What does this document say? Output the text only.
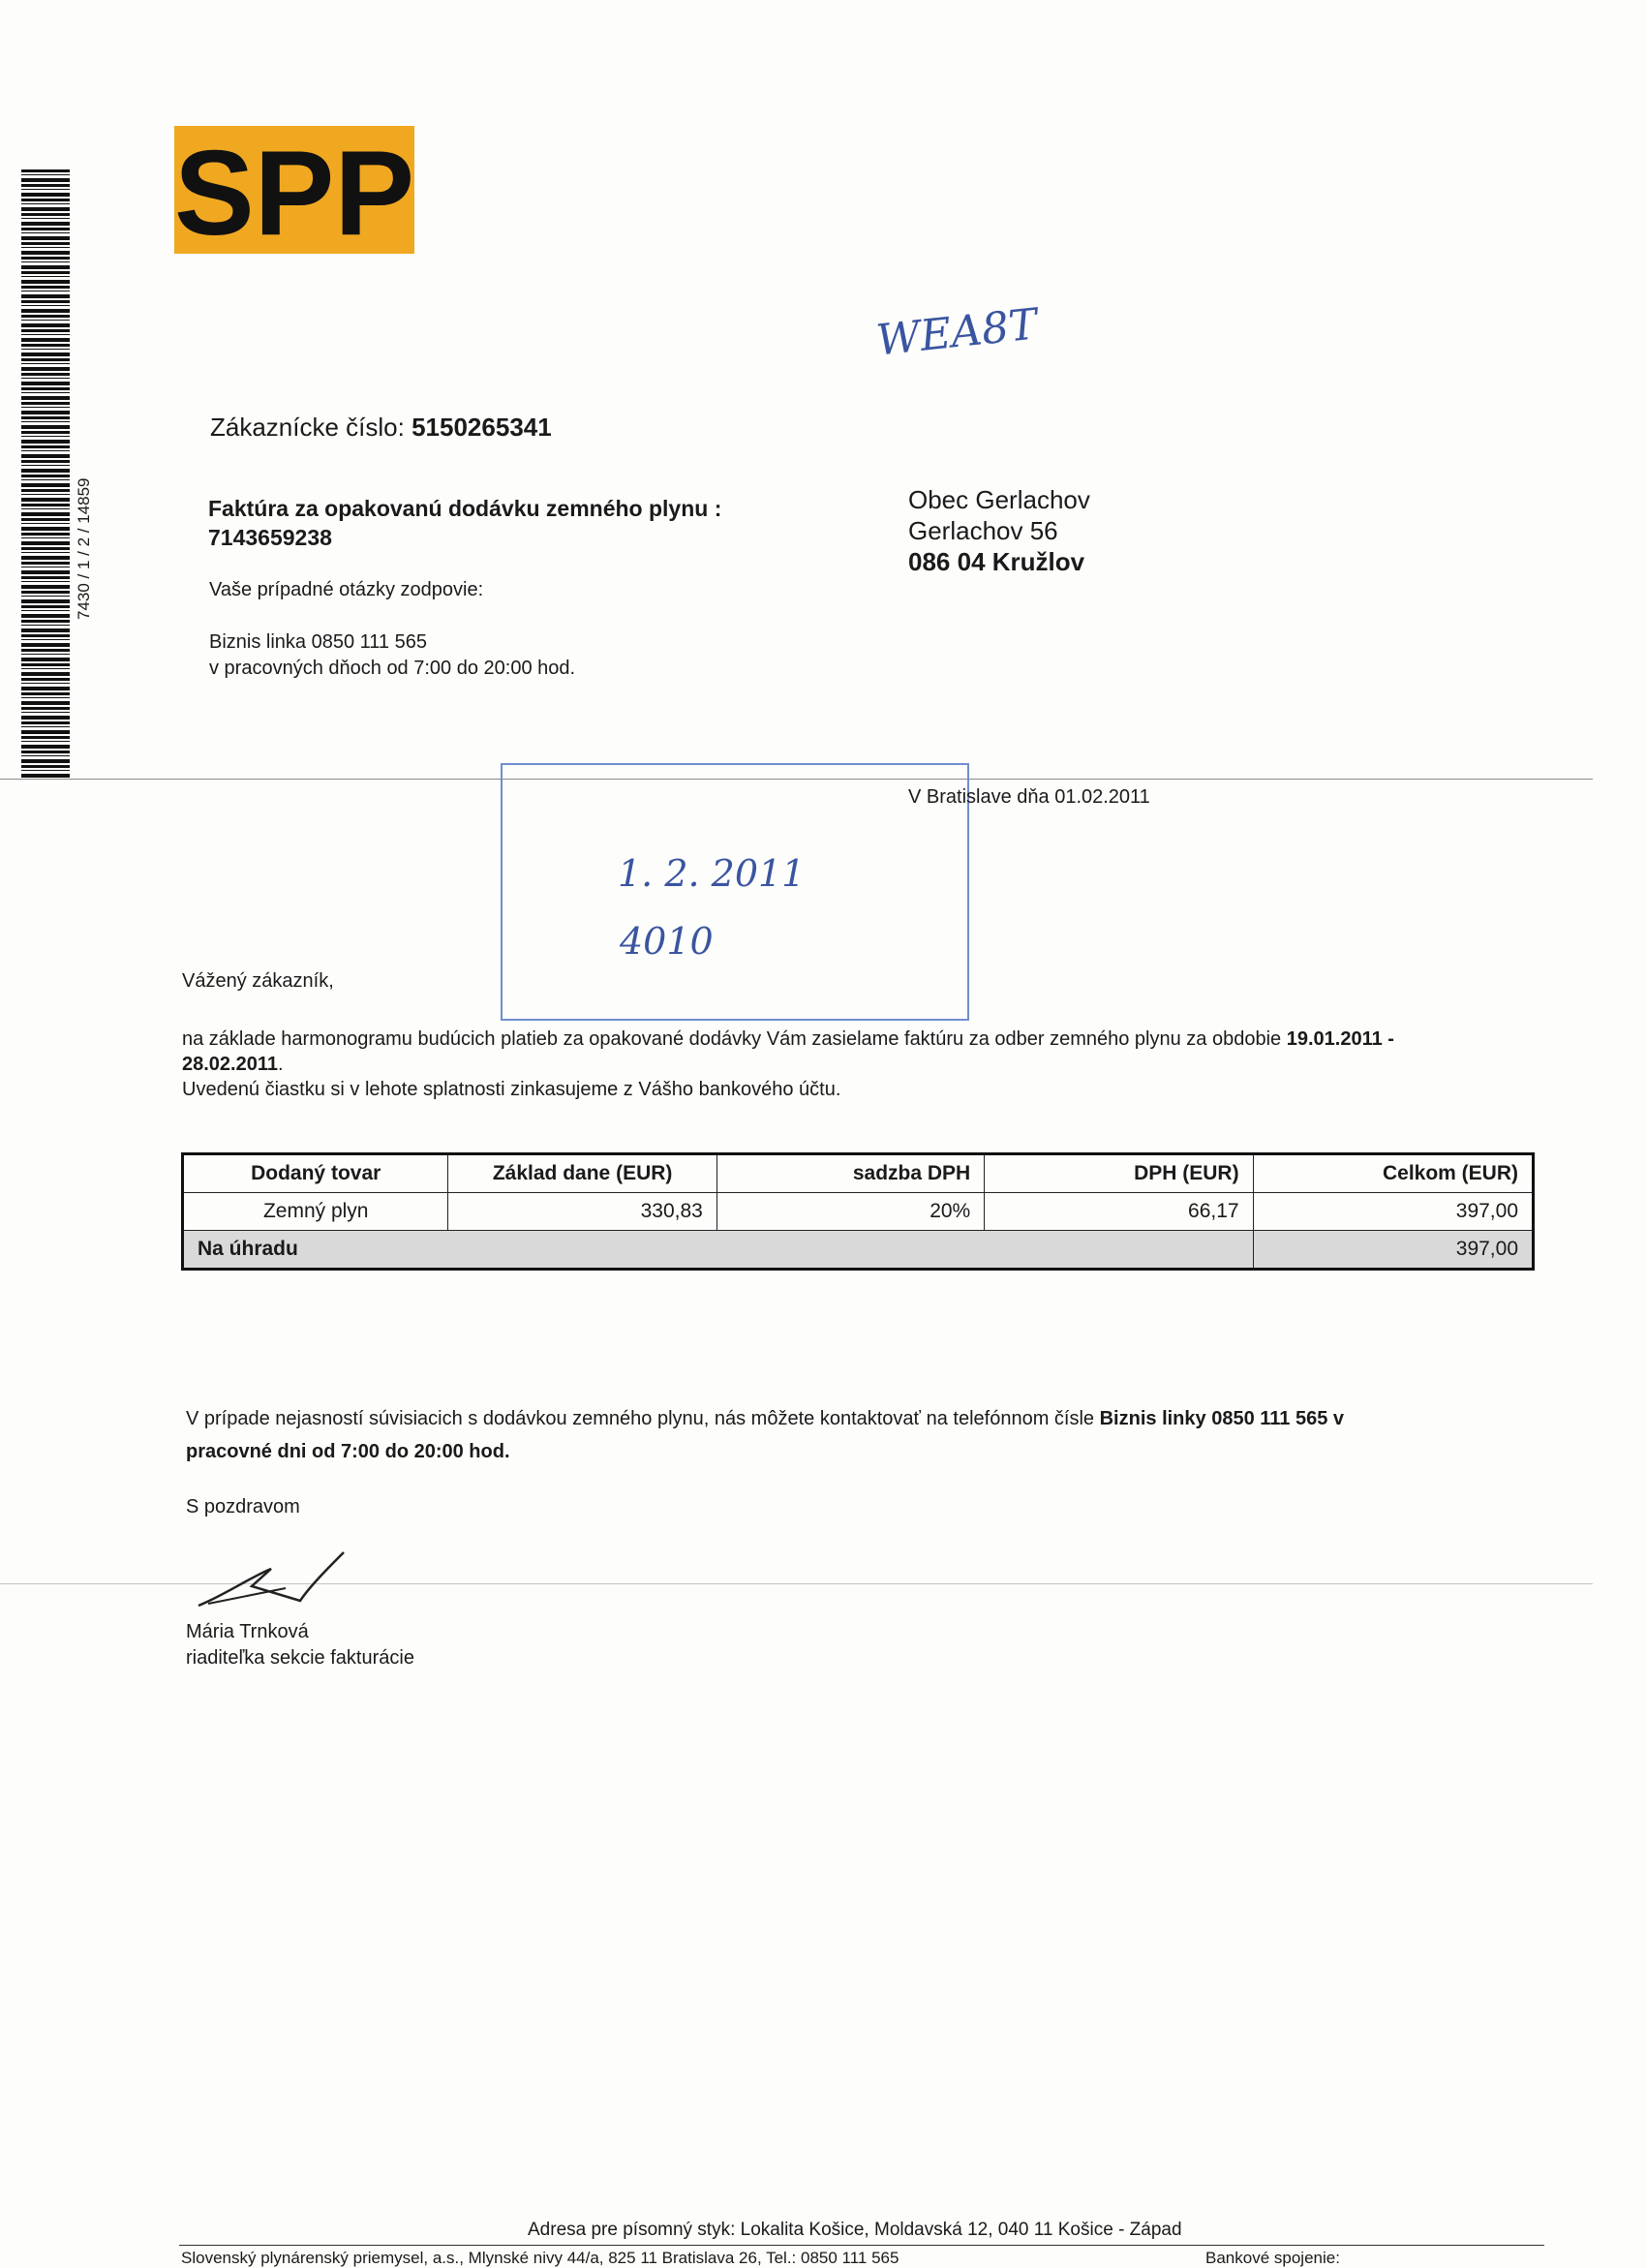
7430 / 1 / 2 / 14859
SPP
WEA8T
Zákaznícke číslo: 5150265341
Faktúra za opakovanú dodávku zemného plynu :
7143659238
Vaše prípadné otázky zodpovie:
Biznis linka 0850 111 565
v pracovných dňoch od 7:00 do 20:00 hod.
Obec Gerlachov
Gerlachov 56
086 04 Kružlov
1. 2. 2011
4010
V Bratislave dňa 01.02.2011
Vážený zákazník,
na základe harmonogramu budúcich platieb za opakované dodávky Vám zasielame faktúru za odber zemného plynu za obdobie 19.01.2011 -
28.02.2011.
Uvedenú čiastku si v lehote splatnosti zinkasujeme z Vášho bankového účtu.
Dodaný tovar	Základ dane (EUR)	sadzba DPH	DPH (EUR)	Celkom (EUR)
Zemný plyn	330,83	20%	66,17	397,00
Na úhradu				397,00
V prípade nejasností súvisiacich s dodávkou zemného plynu, nás môžete kontaktovať na telefónnom čísle Biznis linky 0850 111 565 v
pracovné dni od 7:00 do 20:00 hod.
S pozdravom
Mária Trnková
riaditeľka sekcie fakturácie
Adresa pre písomný styk: Lokalita Košice, Moldavská 12, 040 11 Košice - Západ
Slovenský plynárenský priemysel, a.s., Mlynské nivy 44/a, 825 11 Bratislava 26, Tel.: 0850 111 565	Bankové spojenie:
